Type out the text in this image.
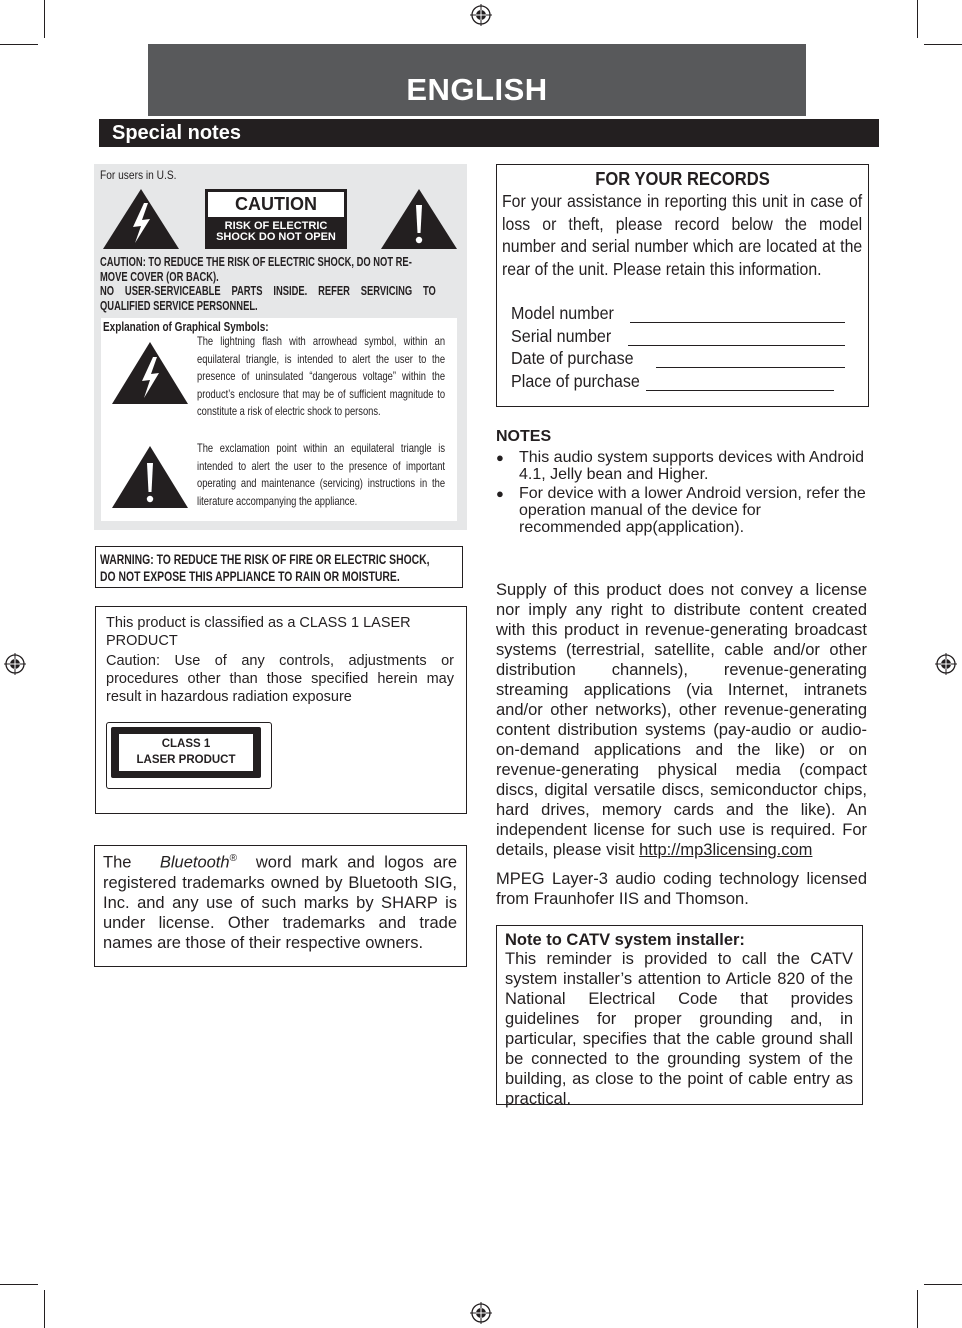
ENGLISH
Special notes
For users in U.S.
CAUTION
RISK OF ELECTRIC
SHOCK DO NOT OPEN
CAUTION: TO REDUCE THE RISK OF ELECTRIC SHOCK, DO NOT RE-
MOVE COVER (OR BACK).
NO USER-SERVICEABLE PARTS INSIDE. REFER SERVICING TO
QUALIFIED SERVICE PERSONNEL.
Explanation of Graphical Symbols:
The lightning flash with arrowhead symbol, within an equilateral triangle, is intended to alert the user to the presence of uninsulated “dangerous voltage” within the product’s enclosure that may be of sufficient magnitude to constitute a risk of electric shock to persons.
The exclamation point within an equilateral triangle is intended to alert the user to the presence of important operating and maintenance (servicing) instructions in the literature accompanying the appliance.
WARNING: TO REDUCE THE RISK OF FIRE OR ELECTRIC SHOCK,
DO NOT EXPOSE THIS APPLIANCE TO RAIN OR MOISTURE.
This product is classified as a CLASS 1 LASER PRODUCT
Caution: Use of any controls, adjustments or procedures other than those specified herein may result in hazardous radiation exposure
CLASS 1
LASER PRODUCT
The Bluetooth® word mark and logos are registered trademarks owned by Bluetooth SIG, Inc. and any use of such marks by SHARP is under license. Other trademarks and trade names are those of their respective owners.
FOR YOUR RECORDS
For your assistance in reporting this unit in case of loss or theft, please record below the model number and serial number which are located at the rear of the unit. Please retain this information.
Model number
Serial number
Date of purchase
Place of purchase
NOTES
● This audio system supports devices with Android 4.1, Jelly bean and Higher.
● For device with a lower Android version, refer the operation manual of the device for recommended app(application).
Supply of this product does not convey a license nor imply any right to distribute content created with this product in revenue-generating broadcast systems (terrestrial, satellite, cable and/or other distribution channels), revenue-generating streaming applications (via Internet, intranets and/or other networks), other revenue-generating content distribution systems (pay-audio or audio-on-demand applications and the like) or on revenue-generating physical media (compact discs, digital versatile discs, semiconductor chips, hard drives, memory cards and the like). An independent license for such use is required. For details, please visit http://mp3licensing.com
MPEG Layer-3 audio coding technology licensed from Fraunhofer IIS and Thomson.
Note to CATV system installer:
This reminder is provided to call the CATV system installer’s attention to Article 820 of the National Electrical Code that provides guidelines for proper grounding and, in particular, specifies that the cable ground shall be connected to the grounding system of the building, as close to the point of cable entry as practical.
